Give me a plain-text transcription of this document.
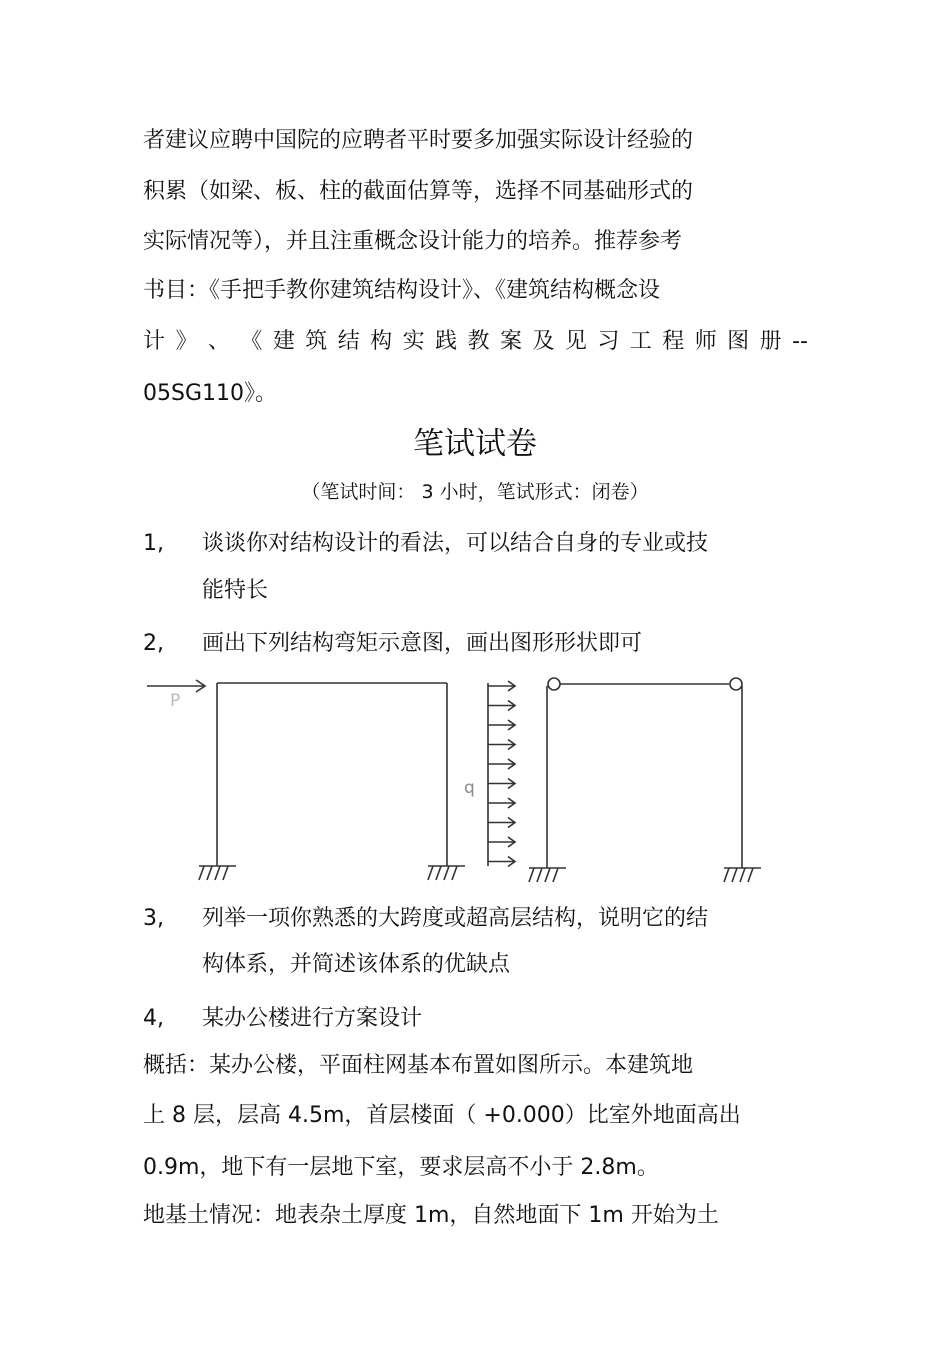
者建议应聘中国院的应聘者平时要多加强实际设计经验的
积累（如梁、板、柱的截面估算等，选择不同基础形式的
实际情况等），并且注重概念设计能力的培养。推荐参考
书目：《手把手教你建筑结构设计》、《建筑结构概念设
计 》 、 《 建 筑 结 构 实 践 教 案 及 见 习 工 程 师 图 册 --
05SG110》。
笔试试卷
（笔试时间： 3 小时，笔试形式：闭卷）
1, 谈谈你对结构设计的看法，可以结合自身的专业或技
能特长
2, 画出下列结构弯矩示意图，画出图形形状即可
P
q
3, 列举一项你熟悉的大跨度或超高层结构，说明它的结
构体系，并简述该体系的优缺点
4, 某办公楼进行方案设计
概括：某办公楼，平面柱网基本布置如图所示。本建筑地
上 8 层，层高 4.5m，首层楼面（ +0.000）比室外地面高出
0.9m，地下有一层地下室，要求层高不小于 2.8m。
地基土情况：地表杂土厚度 1m，自然地面下 1m 开始为土
